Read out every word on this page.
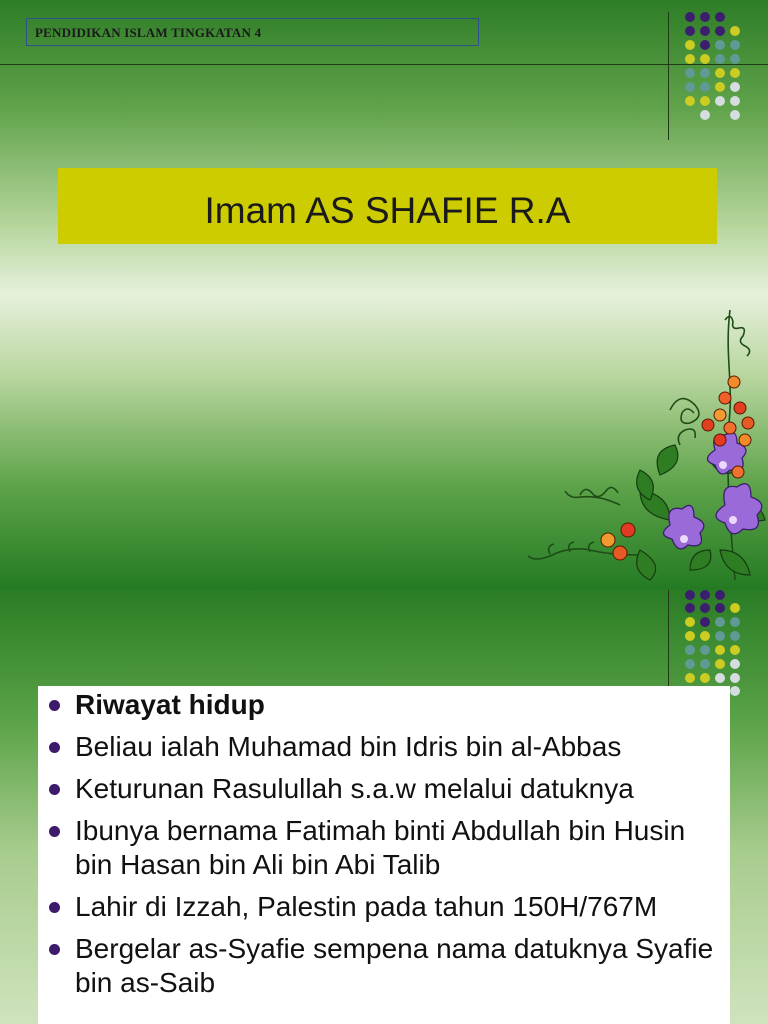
PENDIDIKAN ISLAM TINGKATAN 4
Imam AS SHAFIE R.A
Riwayat hidup
Beliau ialah Muhamad bin Idris bin al-Abbas
Keturunan Rasulullah s.a.w melalui datuknya
Ibunya bernama Fatimah binti Abdullah bin Husin bin Hasan bin Ali bin Abi Talib
Lahir di Izzah, Palestin pada tahun 150H/767M
Bergelar as-Syafie sempena nama datuknya Syafie bin as-Saib
